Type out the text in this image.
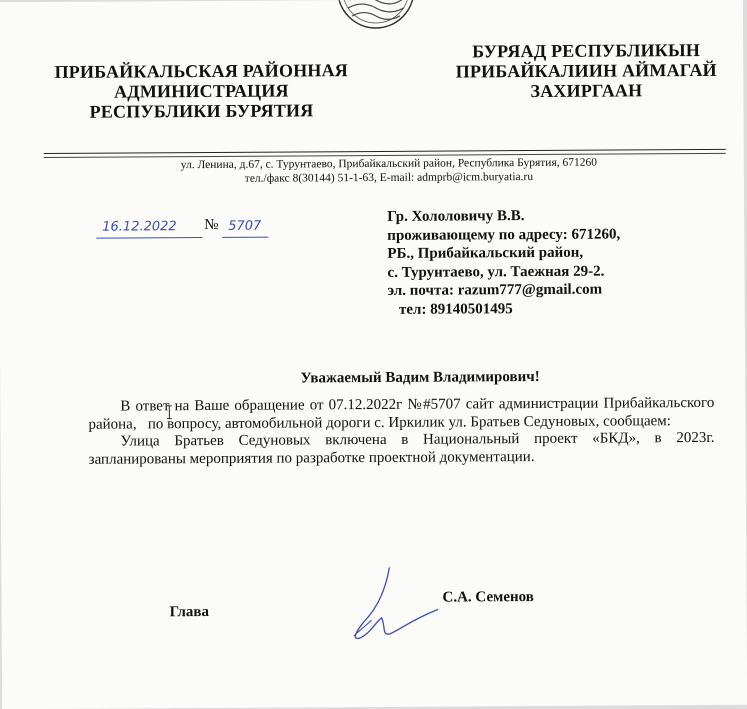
ПРИБАЙКАЛЬСКАЯ РАЙОННАЯ
АДМИНИСТРАЦИЯ
РЕСПУБЛИКИ БУРЯТИЯ
БУРЯАД РЕСПУБЛИКЫН
ПРИБАЙКАЛИИН АЙМАГАЙ
ЗАХИРГААН
ул. Ленина, д.67, с. Турунтаево, Прибайкальский район, Республика Бурятия, 671260
тел./факс 8(30144) 51-1-63, E-mail: admprb@icm.buryatia.ru
16.12.2022 № 5707
Гр. Хололовичу В.В.
проживающему по адресу: 671260,
РБ., Прибайкальский район,
с. Турунтаево, ул. Таежная 29-2.
эл. почта: razum777@gmail.com
тел: 89140501495
Уважаемый Вадим Владимирович!

В ответ на Ваше обращение от 07.12.2022г №#5707 сайт администрации Прибайкальского района,   по вопросу, автомобильной дороги с. Иркилик ул. Братьев Седуновых, сообщаем:

Улица Братьев Седуновых включена в Национальный проект «БКД», в 2023г. запланированы мероприятия по разработке проектной документации.

Глава
С.А. Семенов
